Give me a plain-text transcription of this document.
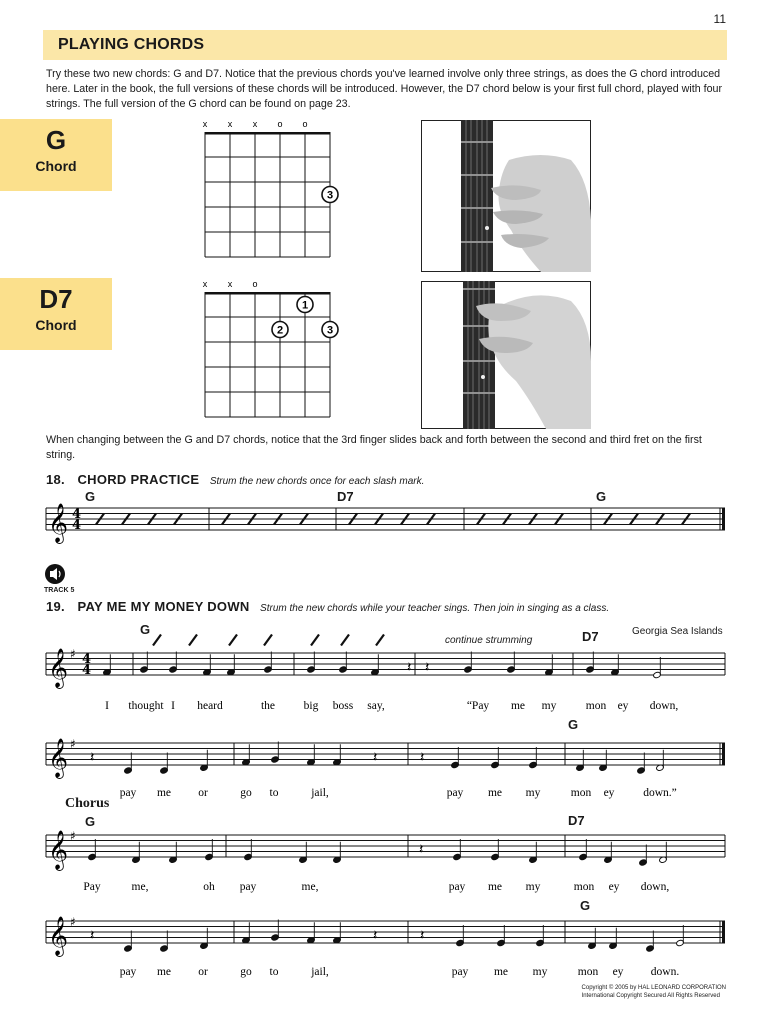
11
PLAYING CHORDS
Try these two new chords: G and D7. Notice that the previous chords you've learned involve only three strings, as does the G chord introduced here. Later in the book, the full versions of these chords will be introduced. However, the D7 chord below is your first full chord, played with four strings. The full version of the G chord can be found on page 23.
G
Chord
D7
Chord
x x x o o
3
x x o
1
2	3
When changing between the G and D7 chords, notice that the 3rd finger slides back and forth between the second and third fret on the first string.
18. CHORD PRACTICE Strum the new chords once for each slash mark.
G	D7	G
TRACK 5
19. PAY ME MY MONEY DOWN Strum the new chords while your teacher sings. Then join in singing as a class.
Georgia Sea Islands
G
continue strumming	D7
G
Chorus
G	D7
G
𝄞 4
4
𝄞 ♯ 4
4	𝄽 𝄽
I thought I heard	the big boss say,	“Pay me my	mon ey down,
𝄞 ♯
𝄽	𝄽	𝄽
pay me or	go to	jail,	pay me my	mon ey	down.”
𝄞 ♯
𝄽
Pay	me,	oh pay	me,	pay me my	mon ey down,
𝄞 ♯
𝄽	𝄽	𝄽
pay me or	go to	jail,	pay me my	mon ey down.
Copyright © 2005 by HAL LEONARD CORPORATION
International Copyright Secured All Rights Reserved
